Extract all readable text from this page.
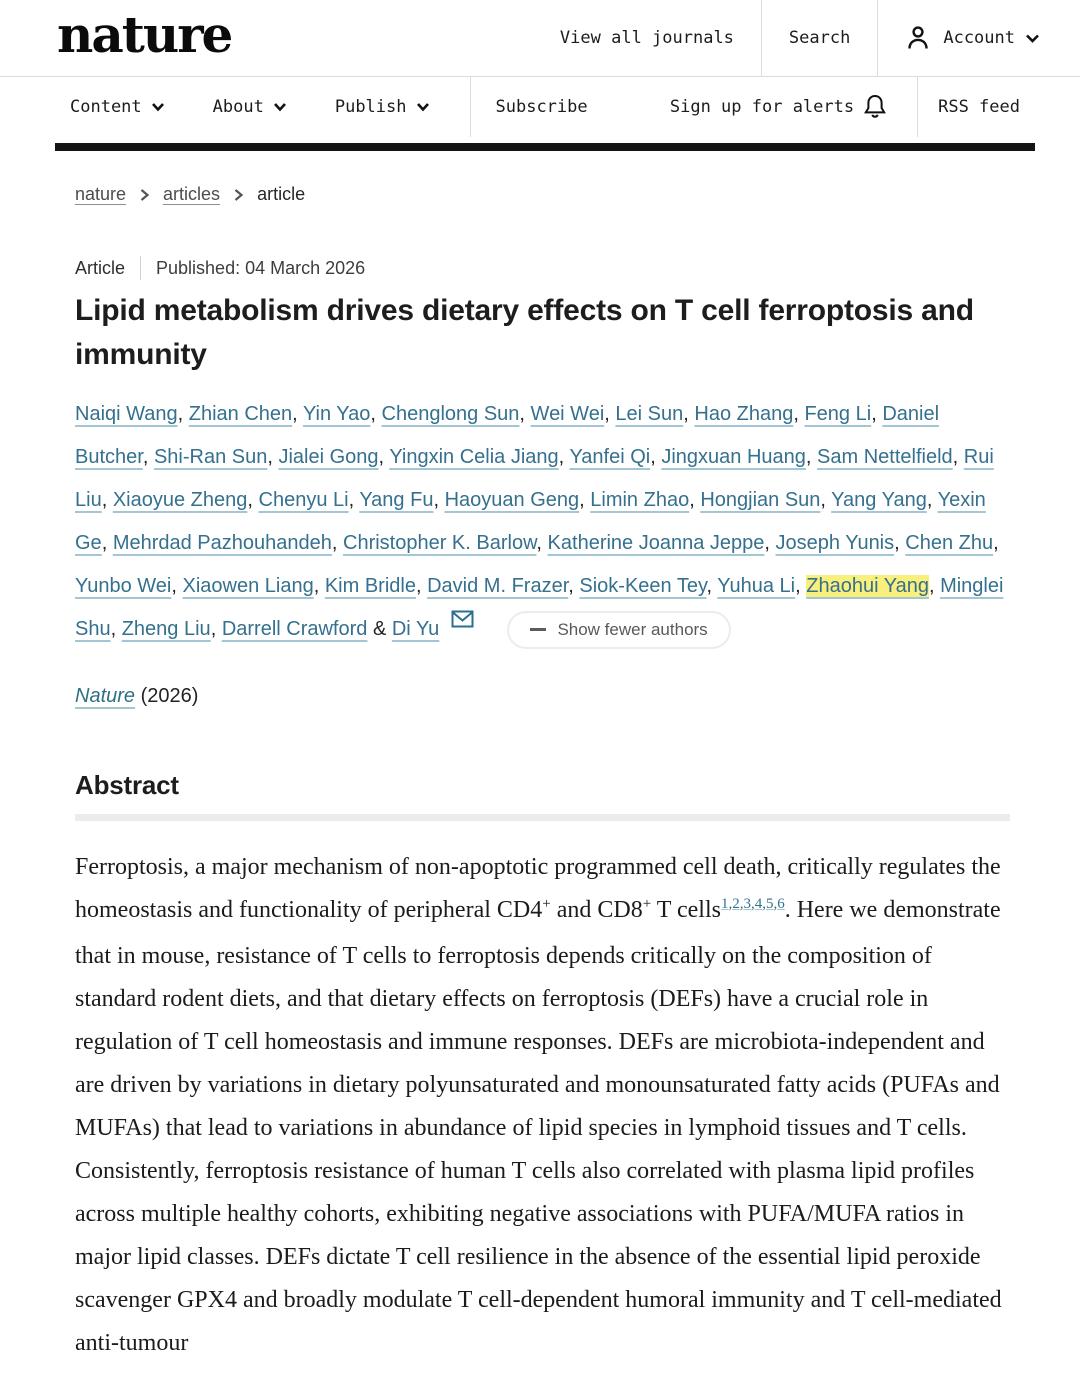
nature	View all journals	Search	Account
Content	About	Publish	Subscribe	Sign up for alerts	RSS feed
nature articles article
Article Published: 04 March 2026
Lipid metabolism drives dietary effects on T cell ferroptosis and immunity

Naiqi Wang, Zhian Chen, Yin Yao, Chenglong Sun, Wei Wei, Lei Sun, Hao Zhang, Feng Li, Daniel Butcher, Shi-Ran Sun, Jialei Gong, Yingxin Celia Jiang, Yanfei Qi, Jingxuan Huang, Sam Nettelfield, Rui Liu, Xiaoyue Zheng, Chenyu Li, Yang Fu, Haoyuan Geng, Limin Zhao, Hongjian Sun, Yang Yang, Yexin Ge, Mehrdad Pazhouhandeh, Christopher K. Barlow, Katherine Joanna Jeppe, Joseph Yunis, Chen Zhu, Yunbo Wei, Xiaowen Liang, Kim Bridle, David M. Frazer, Siok-Keen Tey, Yuhua Li, Zhaohui Yang, Minglei Shu, Zheng Liu, Darrell Crawford & Di Yu	Show fewer authors

Nature (2026)

Abstract

Ferroptosis, a major mechanism of non-apoptotic programmed cell death, critically regulates the homeostasis and functionality of peripheral CD4+ and CD8+ T cells$^{1,2,3,4,5,6}$. Here we demonstrate that in mouse, resistance of T cells to ferroptosis depends critically on the composition of standard rodent diets, and that dietary effects on ferroptosis (DEFs) have a crucial role in regulation of T cell homeostasis and immune responses. DEFs are microbiota-independent and are driven by variations in dietary polyunsaturated and monounsaturated fatty acids (PUFAs and MUFAs) that lead to variations in abundance of lipid species in lymphoid tissues and T cells. Consistently, ferroptosis resistance of human T cells also correlated with plasma lipid profiles across multiple healthy cohorts, exhibiting negative associations with PUFA/MUFA ratios in major lipid classes. DEFs dictate T cell resilience in the absence of the essential lipid peroxide scavenger GPX4 and broadly modulate T cell-dependent humoral immunity and T cell-mediated anti-tumour
